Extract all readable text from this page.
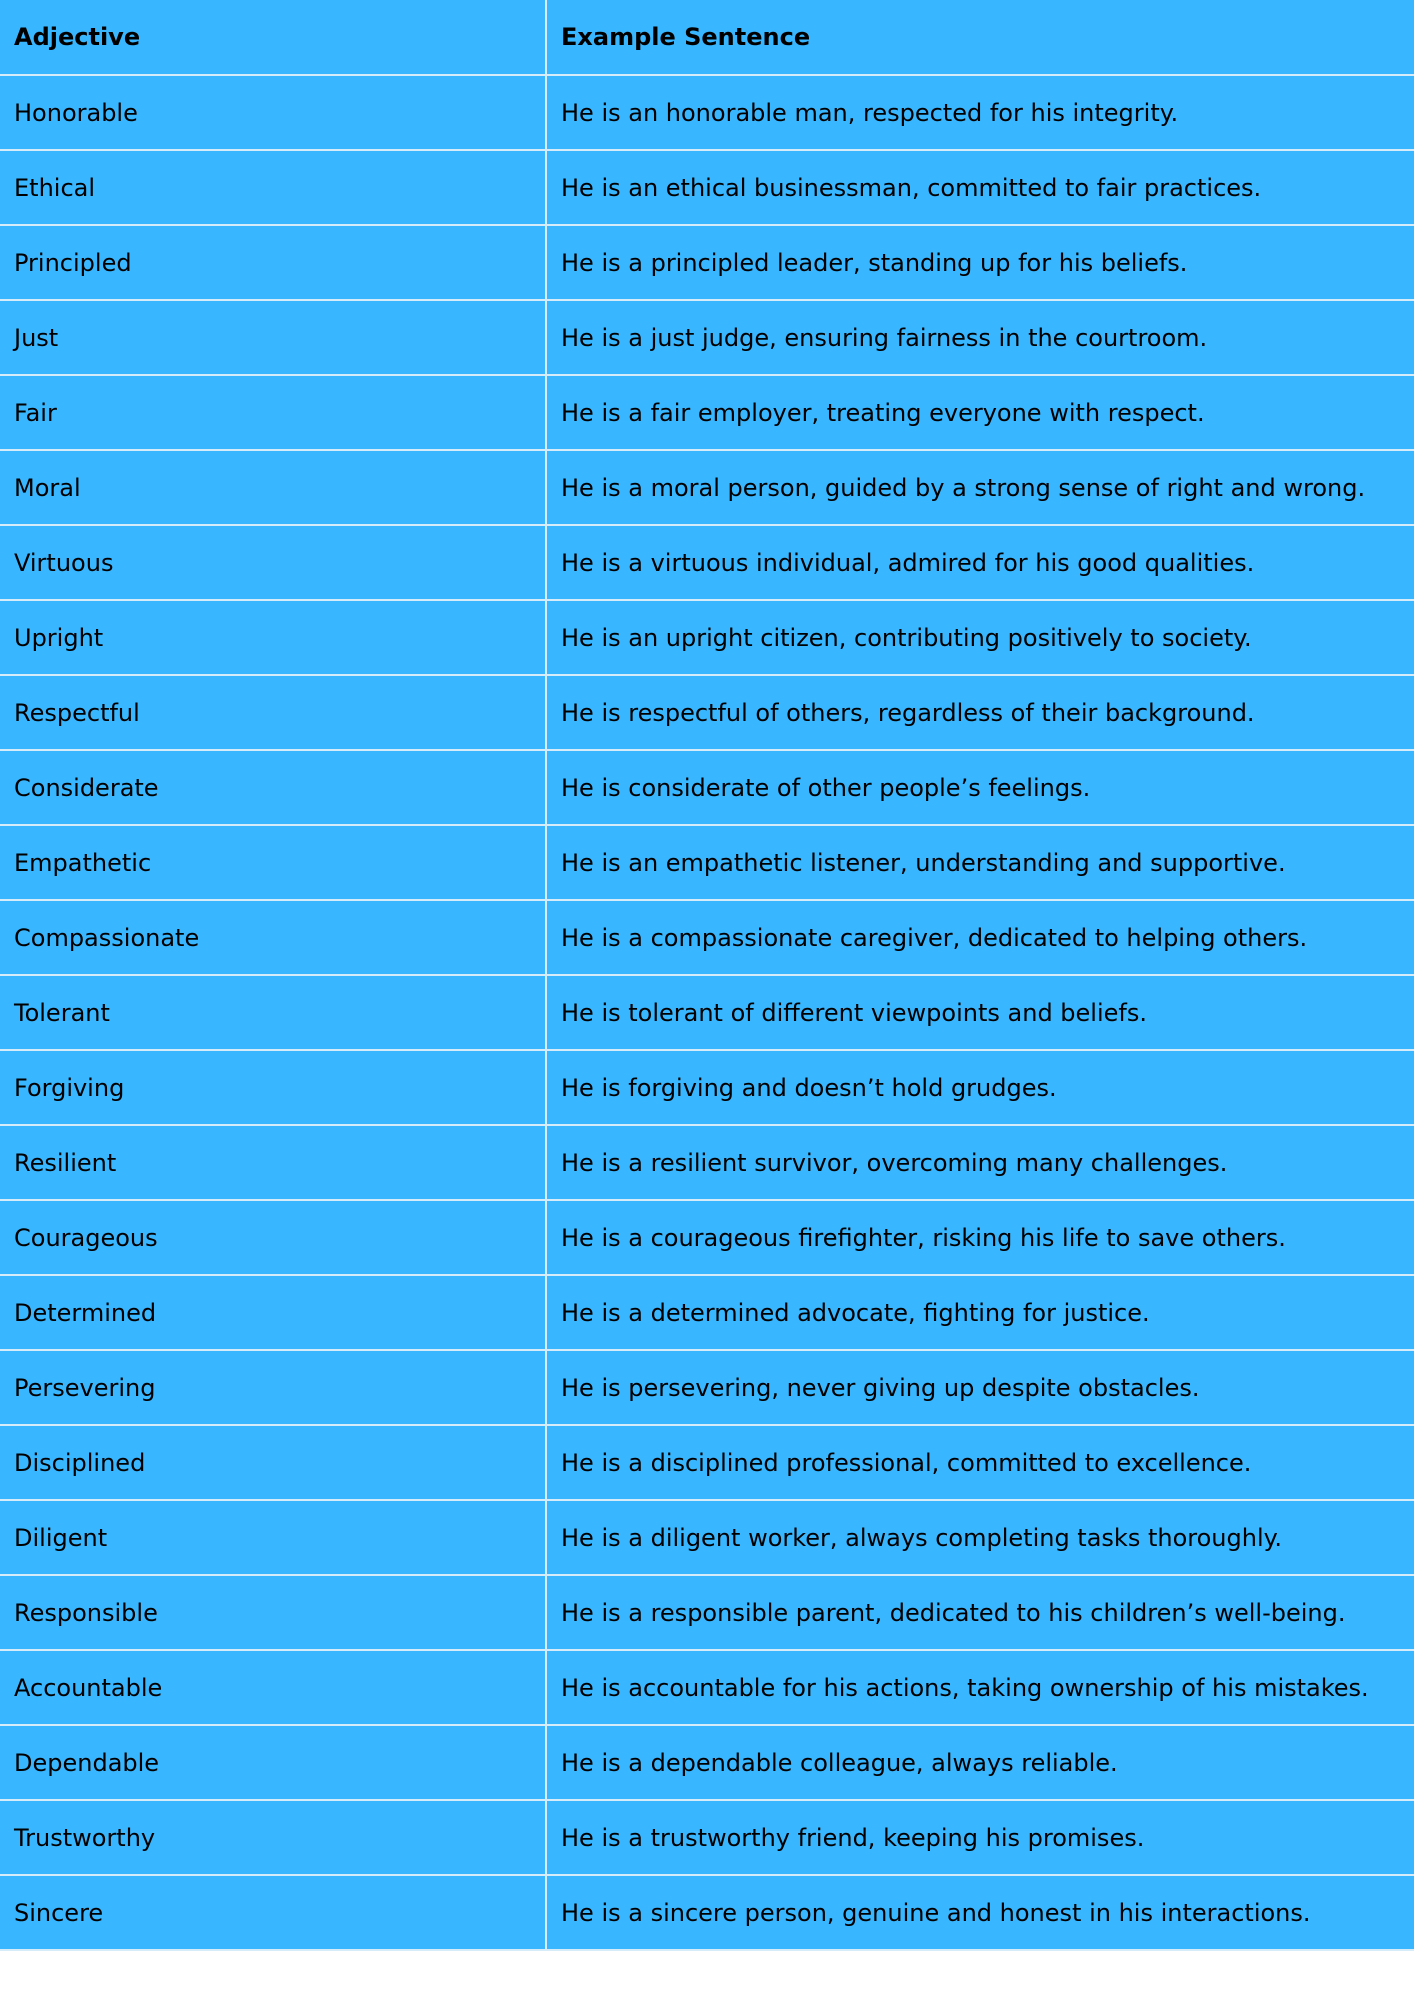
Adjective	Example Sentence
Honorable	He is an honorable man, respected for his integrity.
Ethical	He is an ethical businessman, committed to fair practices.
Principled	He is a principled leader, standing up for his beliefs.
Just	He is a just judge, ensuring fairness in the courtroom.
Fair	He is a fair employer, treating everyone with respect.
Moral	He is a moral person, guided by a strong sense of right and wrong.
Virtuous	He is a virtuous individual, admired for his good qualities.
Upright	He is an upright citizen, contributing positively to society.
Respectful	He is respectful of others, regardless of their background.
Considerate	He is considerate of other people’s feelings.
Empathetic	He is an empathetic listener, understanding and supportive.
Compassionate	He is a compassionate caregiver, dedicated to helping others.
Tolerant	He is tolerant of different viewpoints and beliefs.
Forgiving	He is forgiving and doesn’t hold grudges.
Resilient	He is a resilient survivor, overcoming many challenges.
Courageous	He is a courageous firefighter, risking his life to save others.
Determined	He is a determined advocate, fighting for justice.
Persevering	He is persevering, never giving up despite obstacles.
Disciplined	He is a disciplined professional, committed to excellence.
Diligent	He is a diligent worker, always completing tasks thoroughly.
Responsible	He is a responsible parent, dedicated to his children’s well-being.
Accountable	He is accountable for his actions, taking ownership of his mistakes.
Dependable	He is a dependable colleague, always reliable.
Trustworthy	He is a trustworthy friend, keeping his promises.
Sincere	He is a sincere person, genuine and honest in his interactions.
